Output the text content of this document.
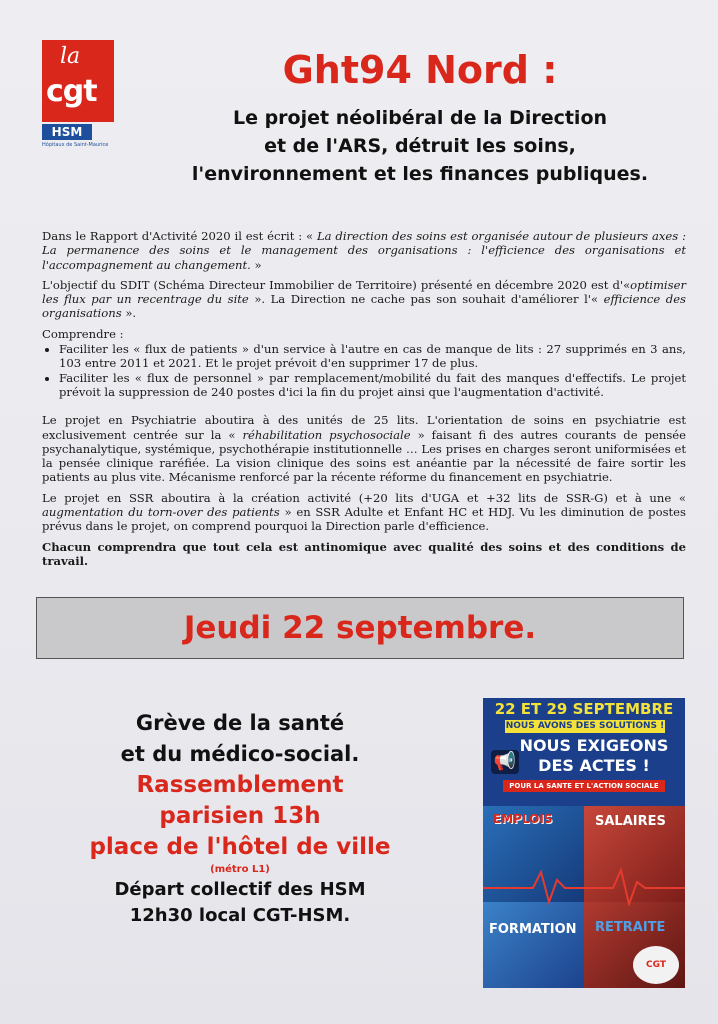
la
cgt
HSM
Hôpitaux de Saint-Maurice
Ght94 Nord :
Le projet néolibéral de la Direction
et de l'ARS, détruit les soins,
l'environnement et les finances publiques.

Dans le Rapport d'Activité 2020 il est écrit : « La direction des soins est organisée autour de plusieurs axes : La permanence des soins et le management des organisations : l'efficience des organisations et l'accompagnement au changement. »

L'objectif du SDIT (Schéma Directeur Immobilier de Territoire) présenté en décembre 2020 est d'«optimiser les flux par un recentrage du site ». La Direction ne cache pas son souhait d'améliorer l'« efficience des organisations ».

Comprendre :

• Faciliter les « flux de patients » d'un service à l'autre en cas de manque de lits : 27 supprimés en 3 ans, 103 entre 2011 et 2021. Et le projet prévoit d'en supprimer 17 de plus.
• Faciliter les « flux de personnel » par remplacement/mobilité du fait des manques d'effectifs. Le projet prévoit la suppression de 240 postes d'ici la fin du projet ainsi que l'augmentation d'activité.

Le projet en Psychiatrie aboutira à des unités de 25 lits. L'orientation de soins en psychiatrie est exclusivement centrée sur la « réhabilitation psychosociale » faisant fi des autres courants de pensée psychanalytique, systémique, psychothérapie institutionnelle … Les prises en charges seront uniformisées et la pensée clinique raréfiée. La vision clinique des soins est anéantie par la nécessité de faire sortir les patients au plus vite. Mécanisme renforcé par la récente réforme du financement en psychiatrie.

Le projet en SSR aboutira à la création activité (+20 lits d'UGA et +32 lits de SSR-G) et à une « augmentation du torn-over des patients » en SSR Adulte et Enfant HC et HDJ. Vu les diminution de postes prévus dans le projet, on comprend pourquoi la Direction parle d'efficience.

Chacun comprendra que tout cela est antinomique avec qualité des soins et des conditions de travail.

Jeudi 22 septembre.
Grève de la santé
et du médico-social.
Rassemblement
parisien 13h
place de l'hôtel de ville
(métro L1)
Départ collectif des HSM
12h30 local CGT-HSM.
22 ET 29 SEPTEMBRE
NOUS AVONS DES SOLUTIONS !
📢
NOUS EXIGEONS
DES ACTES !
POUR LA SANTE ET L'ACTION SOCIALE
EMPLOIS	SALAIRES
FORMATION RETRAITE
CGT
